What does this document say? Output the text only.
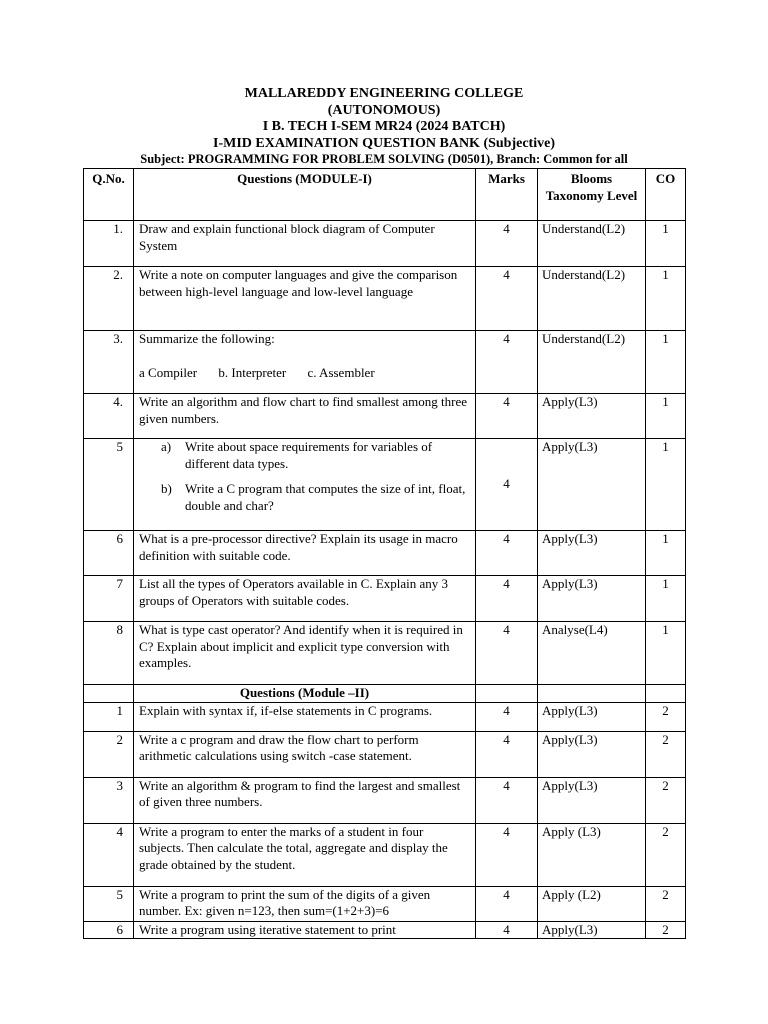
MALLAREDDY ENGINEERING COLLEGE
(AUTONOMOUS)
I B. TECH I-SEM MR24 (2024 BATCH)
I-MID EXAMINATION QUESTION BANK (Subjective)
Subject: PROGRAMMING FOR PROBLEM SOLVING (D0501), Branch: Common for all
Q.No.	Questions (MODULE-I)	Marks	Blooms Taxonomy Level	CO
1.	Draw and explain functional block diagram of Computer System	4	Understand(L2)	1
2.	Write a note on computer languages and give the comparison between high-level language and low-level language	4	Understand(L2)	1
3.	Summarize the following:
a Compiler b. Interpreter c. Assembler	4	Understand(L2)	1
4.	Write an algorithm and flow chart to find smallest among three given numbers.	4	Apply(L3)	1
5	a) Write about space requirements for variables of different data types.
b) Write a C program that computes the size of int, float, double and char?	4	Apply(L3)	1
6	What is a pre-processor directive? Explain its usage in macro definition with suitable code.	4	Apply(L3)	1
7	List all the types of Operators available in C. Explain any 3 groups of Operators with suitable codes.	4	Apply(L3)	1
8	What is type cast operator? And identify when it is required in C? Explain about implicit and explicit type conversion with examples.	4	Analyse(L4)	1
	Questions (Module –II)			
1	Explain with syntax if, if-else statements in C programs.	4	Apply(L3)	2
2	Write a c program and draw the flow chart to perform arithmetic calculations using switch -case statement.	4	Apply(L3)	2
3	Write an algorithm & program to find the largest and smallest of given three numbers.	4	Apply(L3)	2
4	Write a program to enter the marks of a student in four subjects. Then calculate the total, aggregate and display the grade obtained by the student.	4	Apply (L3)	2
5	Write a program to print the sum of the digits of a given number. Ex: given n=123, then sum=(1+2+3)=6	4	Apply (L2)	2
6	Write a program using iterative statement to print	4	Apply(L3)	2
